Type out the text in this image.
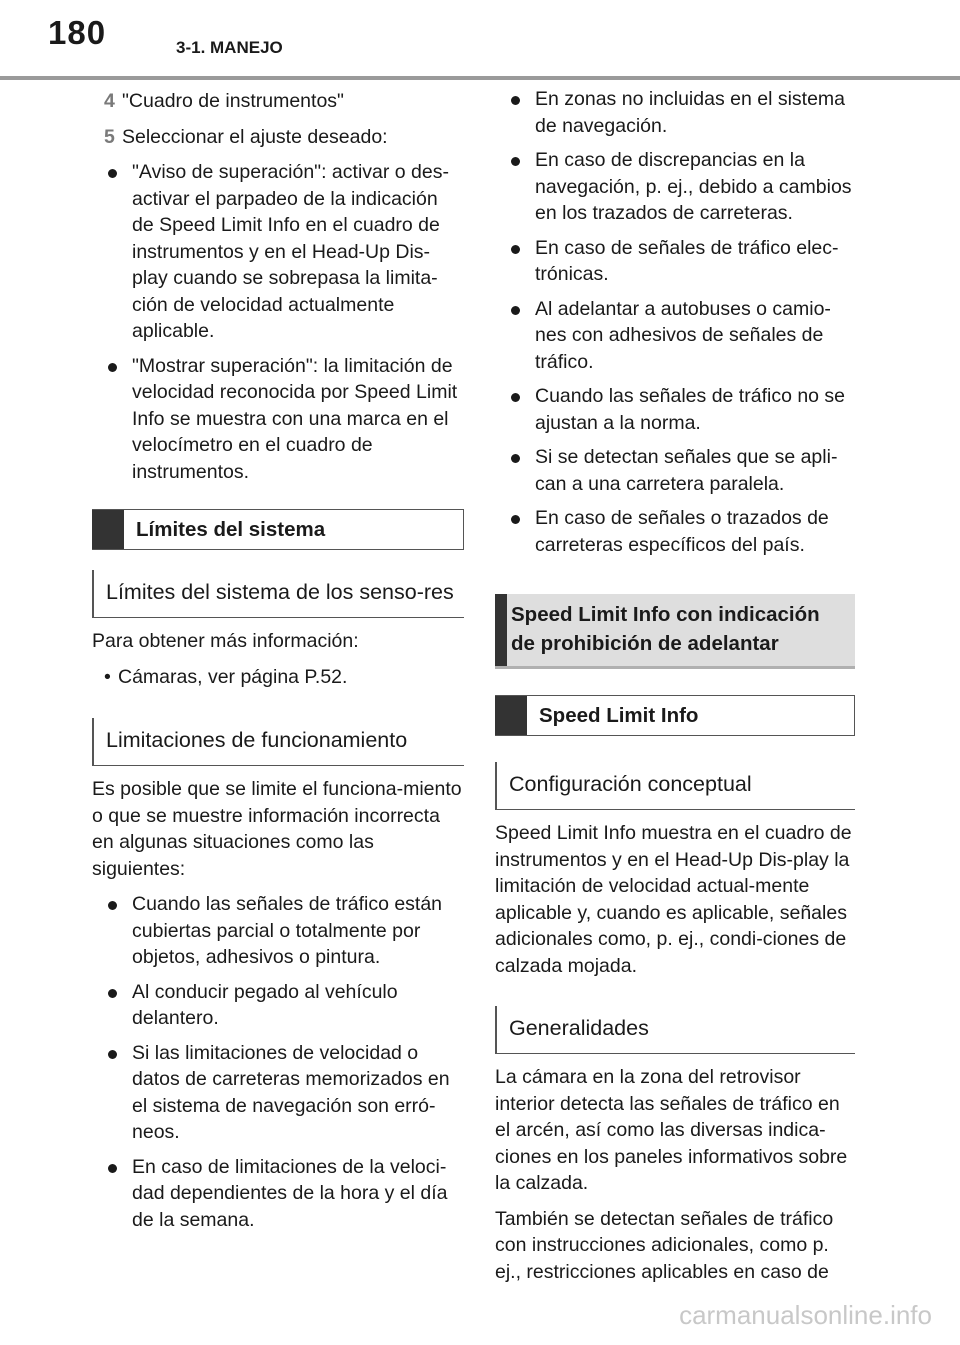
180	3-1. MANEJO
4 "Cuadro de instrumentos"
5 Seleccionar el ajuste deseado:
"Aviso de superación": activar o des-activar el parpadeo de la indicación de Speed Limit Info en el cuadro de instrumentos y en el Head-Up Dis-play cuando se sobrepasa la limita-ción de velocidad actualmente aplicable.
"Mostrar superación": la limitación de velocidad reconocida por Speed Limit Info se muestra con una marca en el velocímetro en el cuadro de instrumentos.
Límites del sistema
Límites del sistema de los senso-res
Para obtener más información:
• Cámaras, ver página P.52.
Limitaciones de funcionamiento
Es posible que se limite el funciona-miento o que se muestre información incorrecta en algunas situaciones como las siguientes:
Cuando las señales de tráfico están cubiertas parcial o totalmente por objetos, adhesivos o pintura.
Al conducir pegado al vehículo delantero.
Si las limitaciones de velocidad o datos de carreteras memorizados en el sistema de navegación son erró-neos.
En caso de limitaciones de la veloci-dad dependientes de la hora y el día de la semana.
En zonas no incluidas en el sistema de navegación.
En caso de discrepancias en la navegación, p. ej., debido a cambios en los trazados de carreteras.
En caso de señales de tráfico elec-trónicas.
Al adelantar a autobuses o camio-nes con adhesivos de señales de tráfico.
Cuando las señales de tráfico no se ajustan a la norma.
Si se detectan señales que se apli-can a una carretera paralela.
En caso de señales o trazados de carreteras específicos del país.
Speed Limit Info con indicación de prohibición de adelantar
Speed Limit Info
Configuración conceptual
Speed Limit Info muestra en el cuadro de instrumentos y en el Head-Up Dis-play la limitación de velocidad actual-mente aplicable y, cuando es aplicable, señales adicionales como, p. ej., condi-ciones de calzada mojada.
Generalidades
La cámara en la zona del retrovisor interior detecta las señales de tráfico en el arcén, así como las diversas indica-ciones en los paneles informativos sobre la calzada.
También se detectan señales de tráfico con instrucciones adicionales, como p. ej., restricciones aplicables en caso de
carmanualsonline.info
